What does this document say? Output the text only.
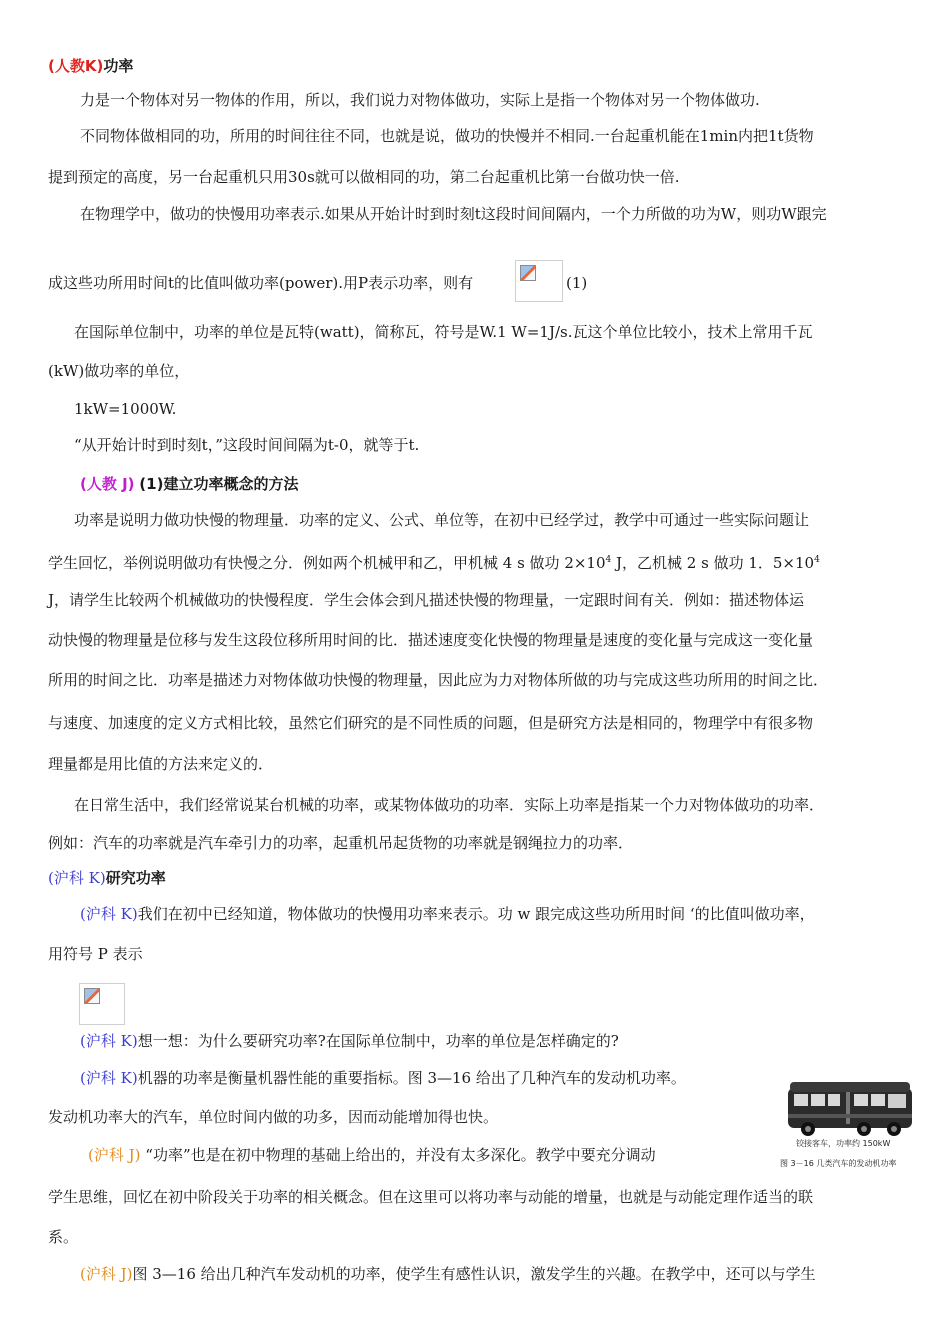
(人教K)功率
力是一个物体对另一物体的作用，所以，我们说力对物体做功，实际上是指一个物体对另一个物体做功.
不同物体做相同的功，所用的时间往往不同，也就是说，做功的快慢并不相同.一台起重机能在1min内把1t货物
提到预定的高度，另一台起重机只用30s就可以做相同的功，第二台起重机比第一台做功快一倍.
在物理学中，做功的快慢用功率表示.如果从开始计时到时刻t这段时间间隔内，一个力所做的功为W，则功W跟完
成这些功所用时间t的比值叫做功率(power).用P表示功率，则有	(1)
在国际单位制中，功率的单位是瓦特(watt)，简称瓦，符号是W.1 W=1J/s.瓦这个单位比较小，技术上常用千瓦
(kW)做功率的单位，
1kW=1000W.
“从开始计时到时刻t，”这段时间间隔为t-0，就等于t.
(人教 J) (1)建立功率概念的方法
功率是说明力做功快慢的物理量．功率的定义、公式、单位等，在初中已经学过，教学中可通过一些实际问题让
学生回忆，举例说明做功有快慢之分．例如两个机械甲和乙，甲机械 4 s 做功 $2\times 10^4$ J，乙机械 2 s 做功 1．$5\times 10^4$
J，请学生比较两个机械做功的快慢程度．学生会体会到凡描述快慢的物理量，一定跟时间有关．例如：描述物体运
动快慢的物理量是位移与发生这段位移所用时间的比．描述速度变化快慢的物理量是速度的变化量与完成这一变化量
所用的时间之比．功率是描述力对物体做功快慢的物理量，因此应为力对物体所做的功与完成这些功所用的时间之比．
与速度、加速度的定义方式相比较，虽然它们研究的是不同性质的问题，但是研究方法是相同的，物理学中有很多物
理量都是用比值的方法来定义的．
在日常生活中，我们经常说某台机械的功率，或某物体做功的功率．实际上功率是指某一个力对物体做功的功率．
例如：汽车的功率就是汽车牵引力的功率，起重机吊起货物的功率就是钢绳拉力的功率．
(沪科 K)研究功率
(沪科 K)我们在初中已经知道，物体做功的快慢用功率来表示。功 w 跟完成这些功所用时间 ‘的比值叫做功率，
用符号 P 表示
(沪科 K)想一想：为什么要研究功率?在国际单位制中，功率的单位是怎样确定的?
(沪科 K)机器的功率是衡量机器性能的重要指标。图 3—16 给出了几种汽车的发动机功率。
发动机功率大的汽车，单位时间内做的功多，因而动能增加得也快。
(沪科 J) “功率”也是在初中物理的基础上给出的，并没有太多深化。教学中要充分调动
学生思维，回忆在初中阶段关于功率的相关概念。但在这里可以将功率与动能的增量，也就是与动能定理作适当的联
系。
(沪科 J)图 3—16 给出几种汽车发动机的功率，使学生有感性认识，激发学生的兴趣。在教学中，还可以与学生
铰接客车，功率约 150kW
图 3－16 几类汽车的发动机功率
